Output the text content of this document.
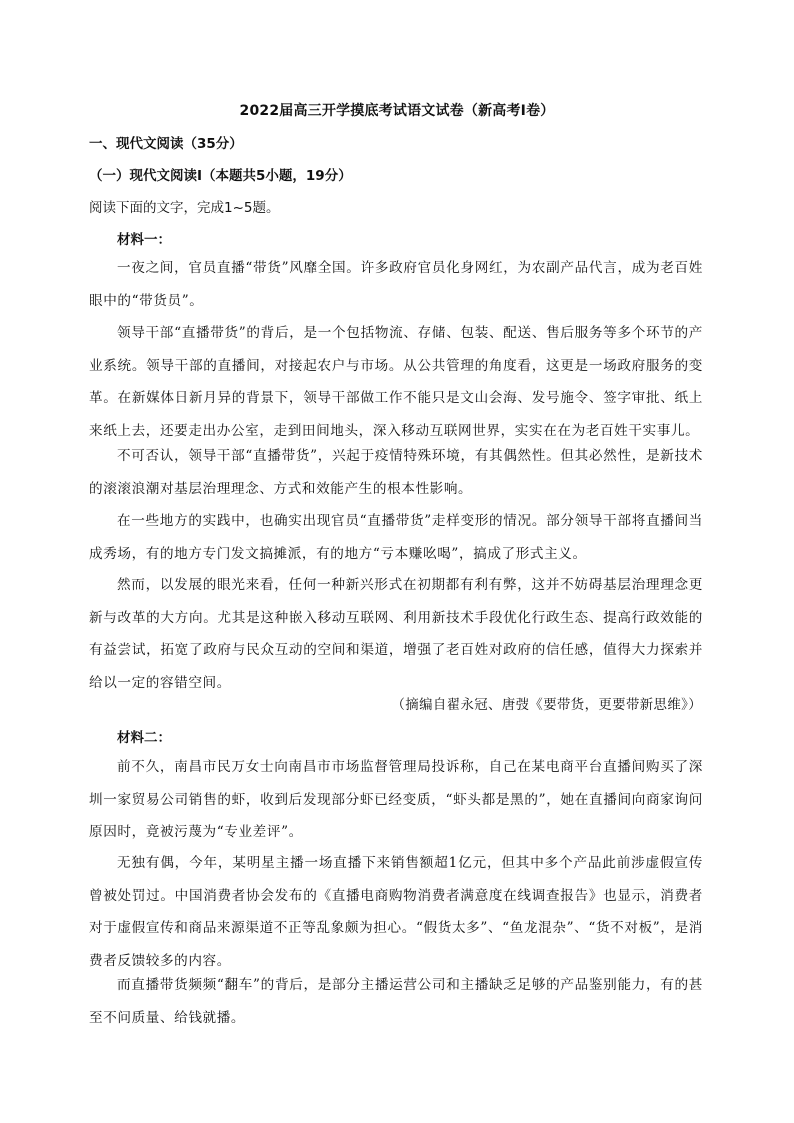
2022届高三开学摸底考试语文试卷（新高考Ⅰ卷）
一、现代文阅读（35分）
（一）现代文阅读Ⅰ（本题共5小题，19分）
阅读下面的文字，完成1~5题。
材料一：
一夜之间，官员直播“带货”风靡全国。许多政府官员化身网红，为农副产品代言，成为老百姓眼中的“带货员”。
领导干部“直播带货”的背后，是一个包括物流、存储、包装、配送、售后服务等多个环节的产业系统。领导干部的直播间，对接起农户与市场。从公共管理的角度看，这更是一场政府服务的变革。在新媒体日新月异的背景下，领导干部做工作不能只是文山会海、发号施令、签字审批、纸上来纸上去，还要走出办公室，走到田间地头，深入移动互联网世界，实实在在为老百姓干实事儿。
不可否认，领导干部“直播带货”，兴起于疫情特殊环境，有其偶然性。但其必然性，是新技术的滚滚浪潮对基层治理理念、方式和效能产生的根本性影响。
在一些地方的实践中，也确实出现官员“直播带货”走样变形的情况。部分领导干部将直播间当成秀场，有的地方专门发文搞摊派，有的地方“亏本赚吆喝”，搞成了形式主义。
然而，以发展的眼光来看，任何一种新兴形式在初期都有利有弊，这并不妨碍基层治理理念更新与改革的大方向。尤其是这种嵌入移动互联网、利用新技术手段优化行政生态、提高行政效能的有益尝试，拓宽了政府与民众互动的空间和渠道，增强了老百姓对政府的信任感，值得大力探索并给以一定的容错空间。
（摘编自翟永冠、唐弢《要带货，更要带新思维》）
材料二：
前不久，南昌市民万女士向南昌市市场监督管理局投诉称，自己在某电商平台直播间购买了深圳一家贸易公司销售的虾，收到后发现部分虾已经变质，“虾头都是黑的”，她在直播间向商家询问原因时，竟被污蔑为“专业差评”。
无独有偶，今年，某明星主播一场直播下来销售额超1亿元，但其中多个产品此前涉虚假宣传曾被处罚过。中国消费者协会发布的《直播电商购物消费者满意度在线调查报告》也显示，消费者对于虚假宣传和商品来源渠道不正等乱象颇为担心。“假货太多”、“鱼龙混杂”、“货不对板”，是消费者反馈较多的内容。
而直播带货频频“翻车”的背后，是部分主播运营公司和主播缺乏足够的产品鉴别能力，有的甚至不问质量、给钱就播。
